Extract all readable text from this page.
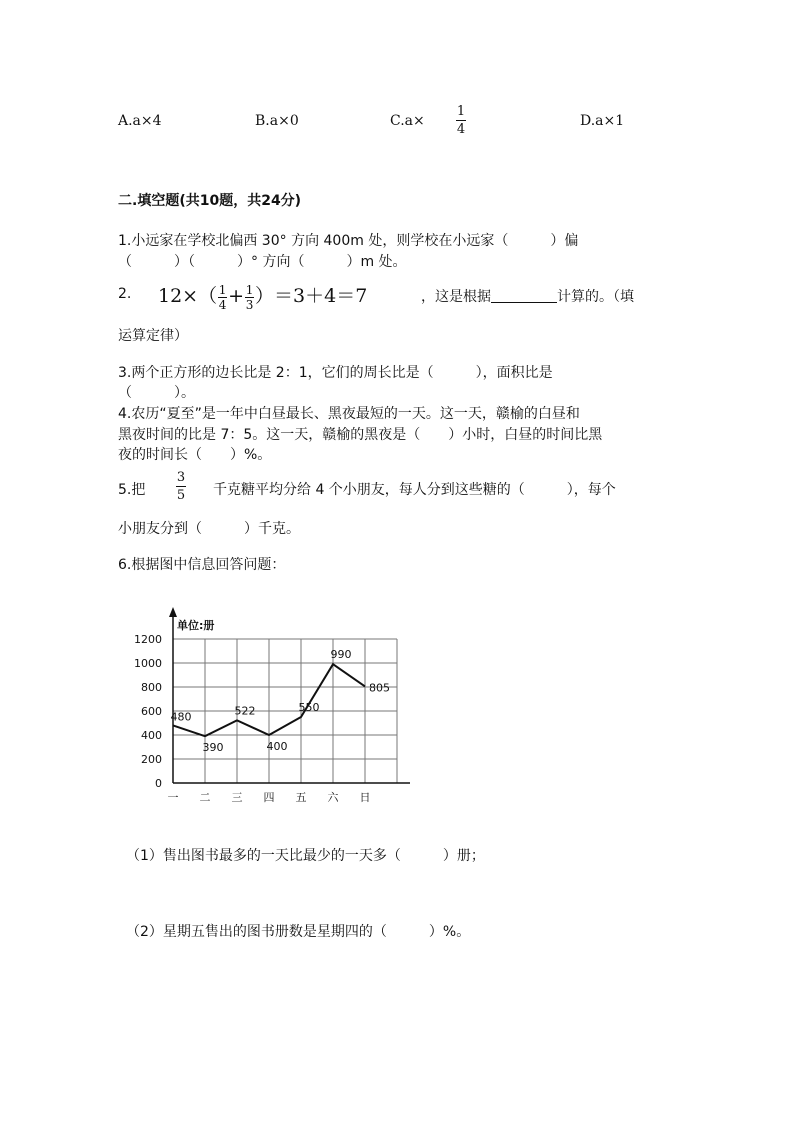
A.a×4	B.a×0	C.a×
1
4
D.a×1
二.填空题(共10题，共24分)
1.小远家在学校北偏西 30° 方向 400m 处，则学校在小远家（　　　）偏
（　　　）（　　　）° 方向（　　　）m 处。
2. $12\times( \frac{1}{4} + \frac{1}{3} )=3+4=7$	，这是根据	计算的。（填
运算定律）
3.两个正方形的边长比是 2：1，它们的周长比是（　　　），面积比是
（　　　）。
4.农历“夏至”是一年中白昼最长、黑夜最短的一天。这一天，赣榆的白昼和
黑夜时间的比是 7：5。这一天，赣榆的黑夜是（　　）小时，白昼的时间比黑
夜的时间长（　　）%。
5.把
3
5 千克糖平均分给 4 个小朋友，每人分到这些糖的（　　　），每个
小朋友分到（　　　）千克。
6.根据图中信息回答问题：
0
200
400
600
800
1000
1200
单位:册
一 二 三 四 五 六 日
480
390
522
400
550
990
805
（1）售出图书最多的一天比最少的一天多（　　　）册；
（2）星期五售出的图书册数是星期四的（　　　）%。
